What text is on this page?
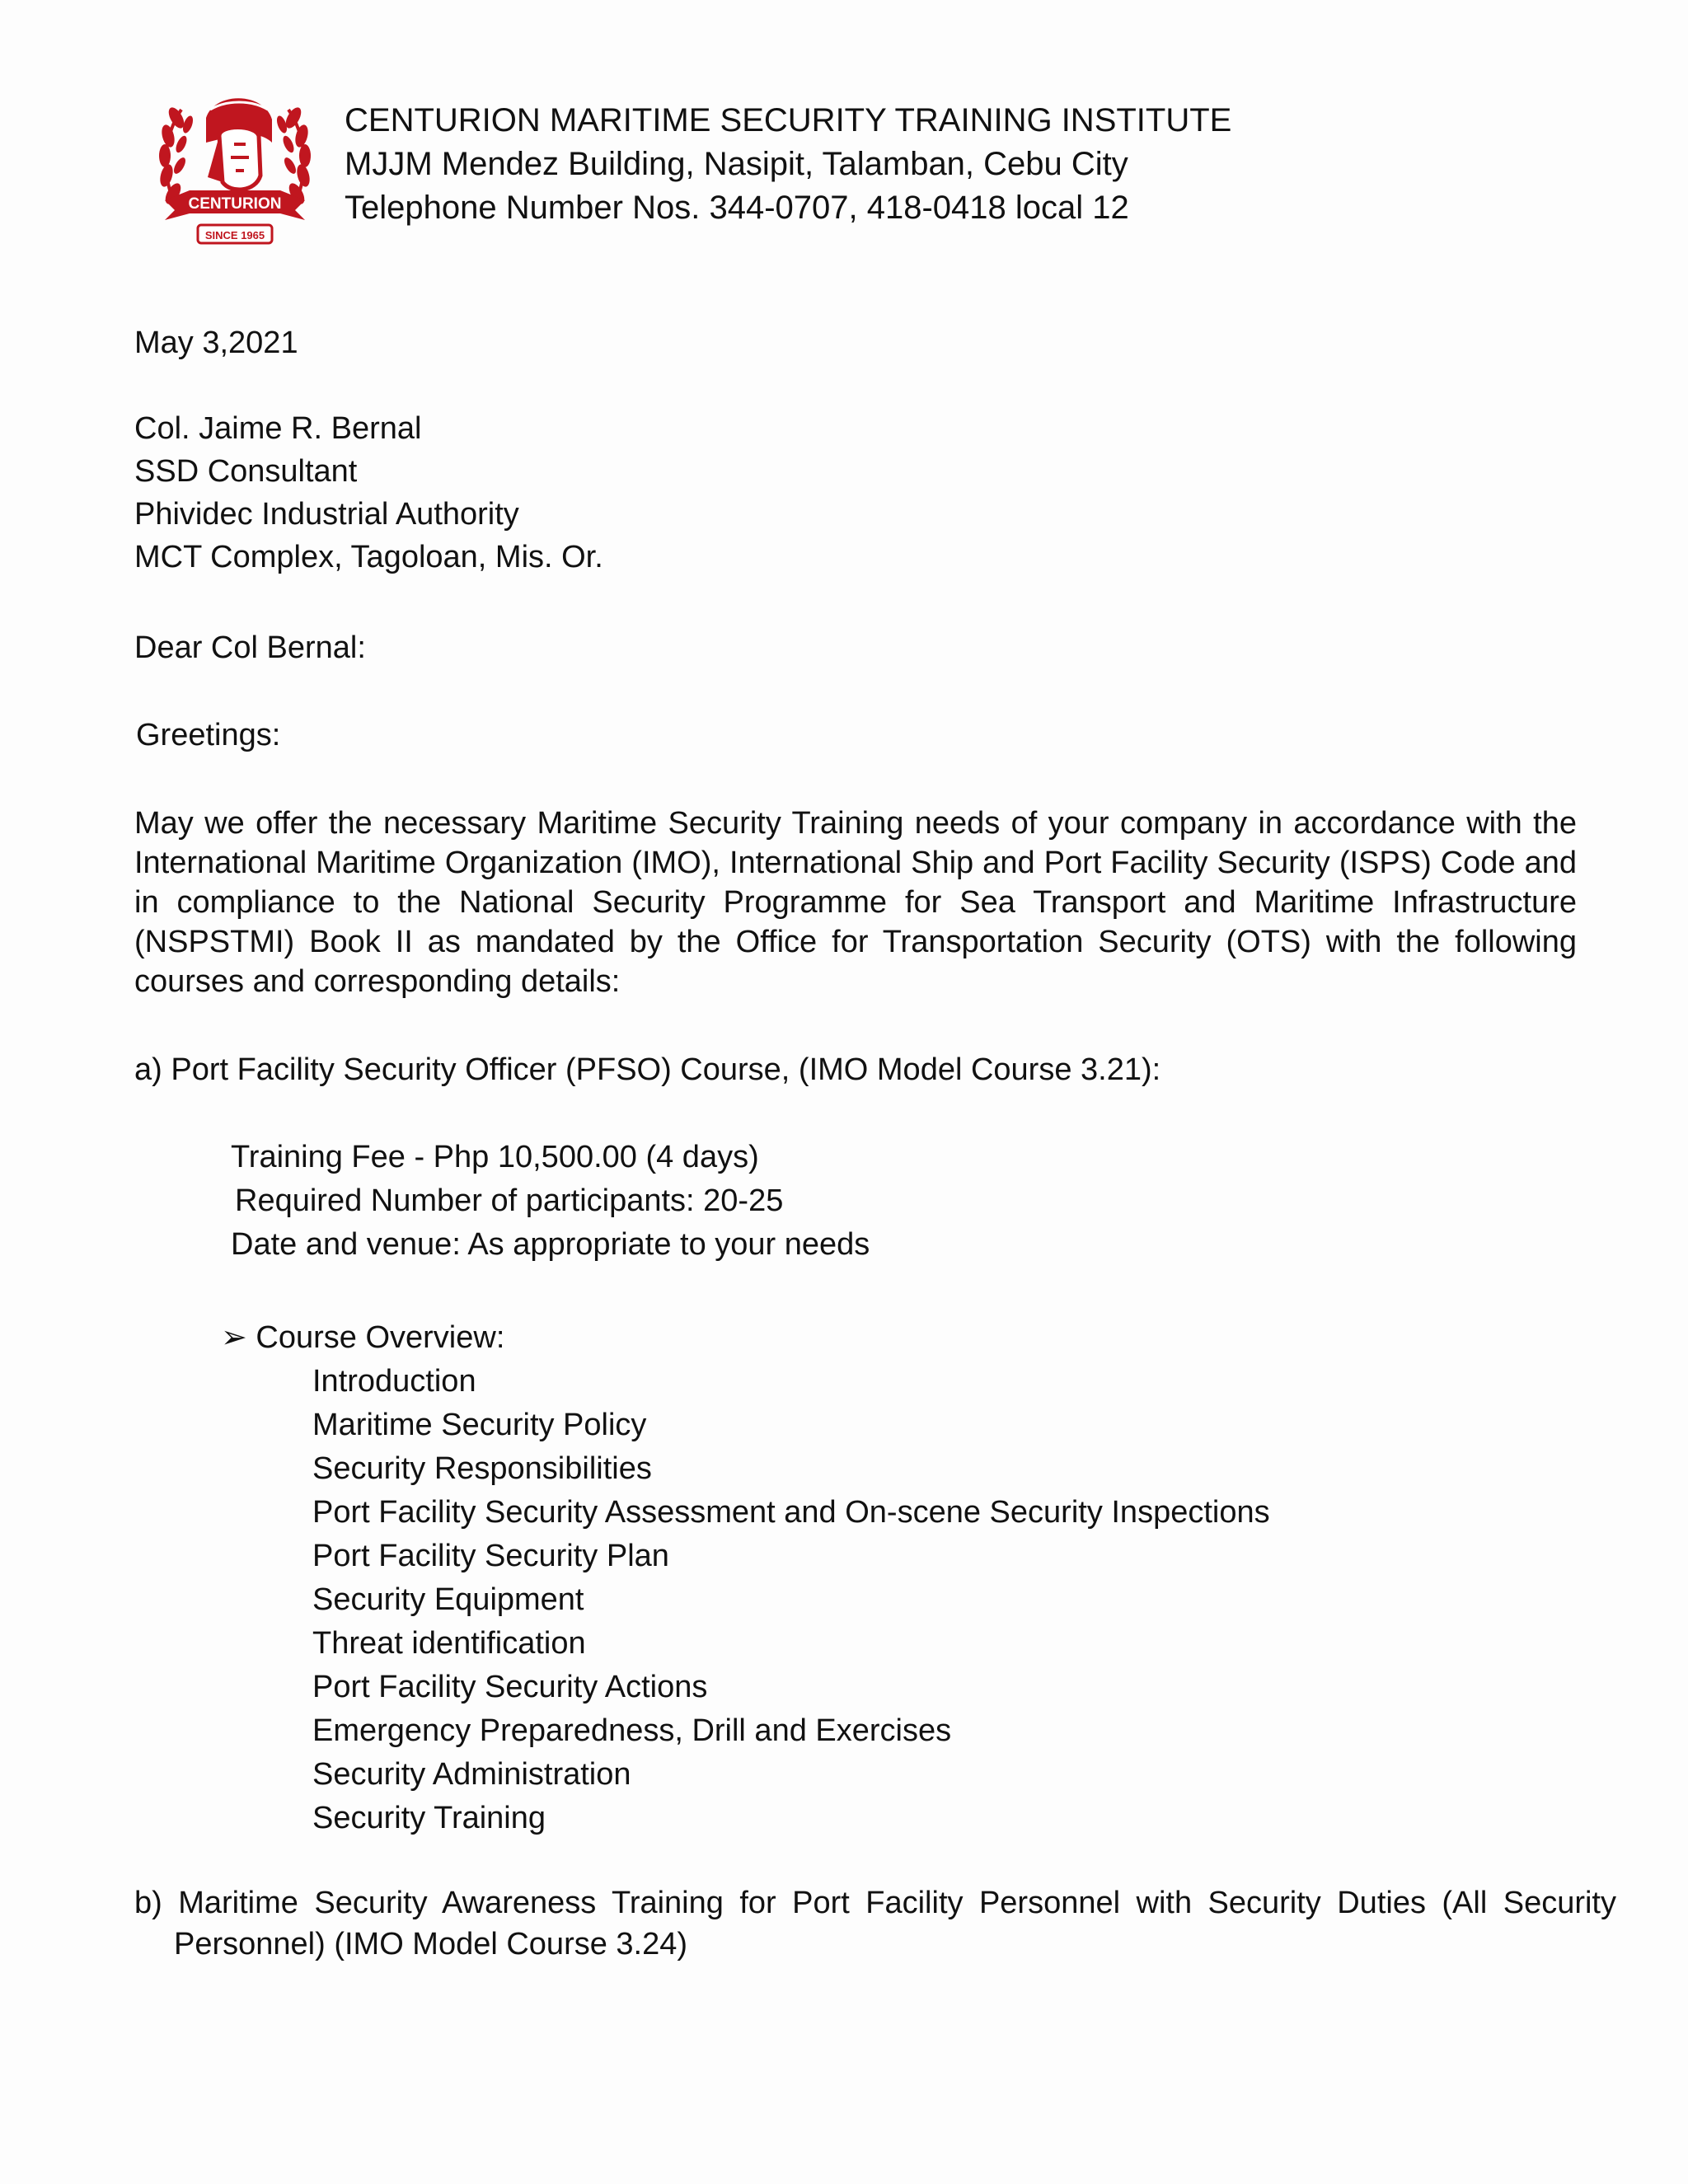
CENTURION
SINCE 1965
CENTURION MARITIME SECURITY TRAINING INSTITUTE
MJJM Mendez Building, Nasipit, Talamban, Cebu City
Telephone Number Nos. 344-0707, 418-0418 local 12
May 3,2021
Col. Jaime R. Bernal
SSD Consultant
Phividec Industrial Authority
MCT Complex, Tagoloan, Mis. Or.
Dear Col Bernal:
Greetings:

May we offer the necessary Maritime Security Training needs of your company in accordance with the International Maritime Organization (IMO), International Ship and Port Facility Security (ISPS) Code and in compliance to the National Security Programme for Sea Transport and Maritime Infrastructure (NSPSTMI) Book II as mandated by the Office for Transportation Security (OTS) with the following courses and corresponding details:

a) Port Facility Security Officer (PFSO) Course, (IMO Model Course 3.21):
Training Fee - Php 10,500.00 (4 days)
Required Number of participants: 20-25
Date and venue: As appropriate to your needs
➢ Course Overview:
Introduction
Maritime Security Policy
Security Responsibilities
Port Facility Security Assessment and On-scene Security Inspections
Port Facility Security Plan
Security Equipment
Threat identification
Port Facility Security Actions
Emergency Preparedness, Drill and Exercises
Security Administration
Security Training

b) Maritime Security Awareness Training for Port Facility Personnel with Security Duties (All Security Personnel) (IMO Model Course 3.24)
